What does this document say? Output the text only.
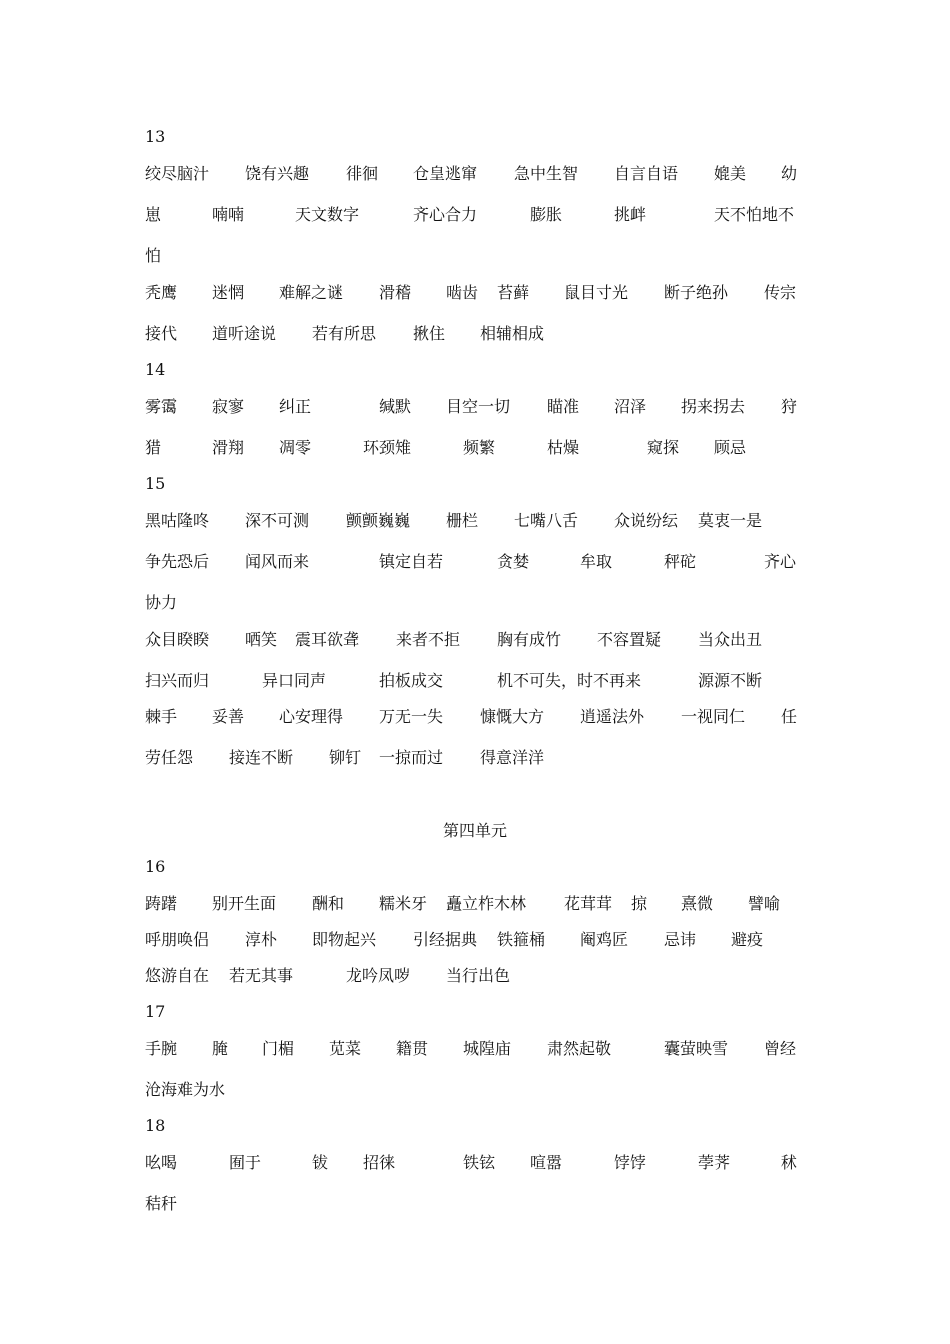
13
绞尽脑汁 饶有兴趣 徘徊 仓皇逃窜 急中生智 自言自语 媲美 幼
崽	喃喃	天文数字	齐心合力	膨胀	挑衅	天不怕地不
怕
秃鹰 迷惘 难解之谜 滑稽 啮齿 苔藓 鼠目寸光 断子绝孙 传宗
接代 道听途说 若有所思 揪住 相辅相成
14
雾霭 寂寥 纠正	缄默 目空一切 瞄准 沼泽 拐来拐去 狩
猎	滑翔 凋零	环颈雉	频繁	枯燥	窥探 顾忌
15
黑咕隆咚 深不可测 颤颤巍巍 栅栏 七嘴八舌 众说纷纭 莫衷一是
争先恐后 闻风而来	镇定自若	贪婪	牟取	秤砣	齐心
协力
众目睽睽 哂笑 震耳欲聋 来者不拒 胸有成竹 不容置疑 当众出丑
扫兴而归	异口同声	拍板成交	机不可失，时不再来	源源不断
棘手 妥善 心安理得 万无一失 慷慨大方 逍遥法外 一视同仁 任
劳任怨 接连不断 铆钉 一掠而过 得意洋洋
第四单元
16
踌躇 别开生面 酬和 糯米牙 矗立柞木林 花茸茸 掠 熹微 譬喻
呼朋唤侣 淳朴 即物起兴 引经据典 铁箍桶 阉鸡匠 忌讳 避疫
悠游自在 若无其事	龙吟凤哕 当行出色
17
手腕 腌 门楣 苋菜 籍贯 城隍庙 肃然起敬	囊萤映雪 曾经
沧海难为水
18
吆喝	囿于	钹 招徕	铁铉 喧嚣	饽饽	荸荠	秫
秸秆
